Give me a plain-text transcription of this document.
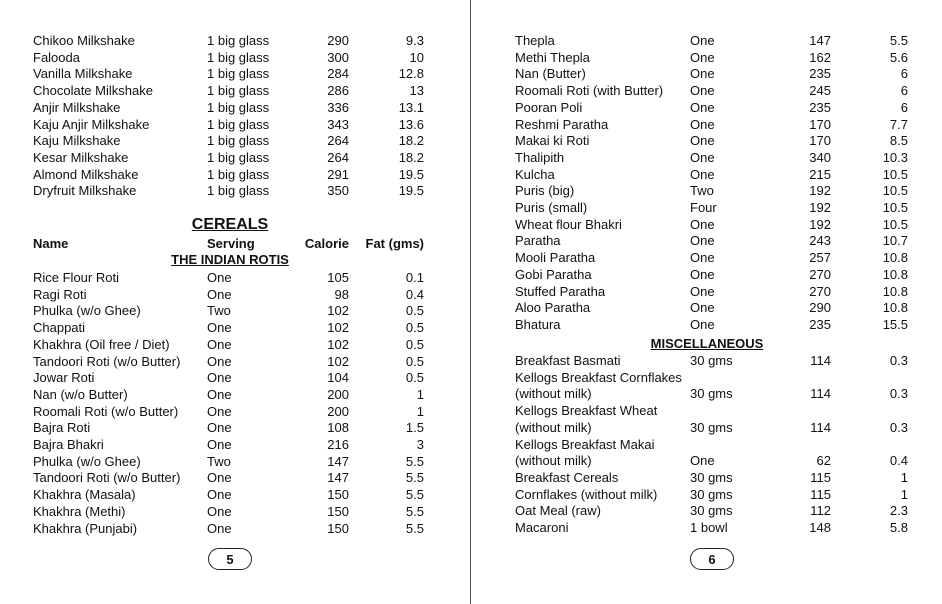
Chikoo Milkshake	1 big glass	290	9.3
Falooda	1 big glass	300	10
Vanilla Milkshake	1 big glass	284	12.8
Chocolate Milkshake	1 big glass	286	13
Anjir Milkshake	1 big glass	336	13.1
Kaju Anjir Milkshake	1 big glass	343	13.6
Kaju Milkshake	1 big glass	264	18.2
Kesar Milkshake	1 big glass	264	18.2
Almond Milkshake	1 big glass	291	19.5
Dryfruit Milkshake	1 big glass	350	19.5
CEREALS
Name	Serving	Calorie	Fat (gms)
THE INDIAN ROTIS
Rice Flour Roti	One	105	0.1
Ragi Roti	One	98	0.4
Phulka (w/o Ghee)	Two	102	0.5
Chappati	One	102	0.5
Khakhra (Oil free / Diet)	One	102	0.5
Tandoori Roti (w/o Butter) One	102	0.5
Jowar Roti	One	104	0.5
Nan (w/o Butter)	One	200	1
Roomali Roti (w/o Butter) One	200	1
Bajra Roti	One	108	1.5
Bajra Bhakri	One	216	3
Phulka (w/o Ghee)	Two	147	5.5
Tandoori Roti (w/o Butter) One	147	5.5
Khakhra (Masala)	One	150	5.5
Khakhra (Methi)	One	150	5.5
Khakhra (Punjabi)	One	150	5.5
5
Thepla	One	147	5.5
Methi Thepla	One	162	5.6
Nan (Butter)	One	235	6
Roomali Roti (with Butter) One	245	6
Pooran Poli	One	235	6
Reshmi Paratha	One	170	7.7
Makai ki Roti	One	170	8.5
Thalipith	One	340	10.3
Kulcha	One	215	10.5
Puris (big)	Two	192	10.5
Puris (small)	Four	192	10.5
Wheat flour Bhakri	One	192	10.5
Paratha	One	243	10.7
Mooli Paratha	One	257	10.8
Gobi Paratha	One	270	10.8
Stuffed Paratha	One	270	10.8
Aloo Paratha	One	290	10.8
Bhatura	One	235	15.5
MISCELLANEOUS
Breakfast Basmati	30 gms	114	0.3
Kellogs Breakfast Cornflakes
(without milk)	30 gms	114	0.3
Kellogs Breakfast Wheat
(without milk)	30 gms	114	0.3
Kellogs Breakfast Makai
(without milk)	One	62	0.4
Breakfast Cereals	30 gms	115	1
Cornflakes (without milk)	30 gms	115	1
Oat Meal (raw)	30 gms	112	2.3
Macaroni	1 bowl	148	5.8
6
